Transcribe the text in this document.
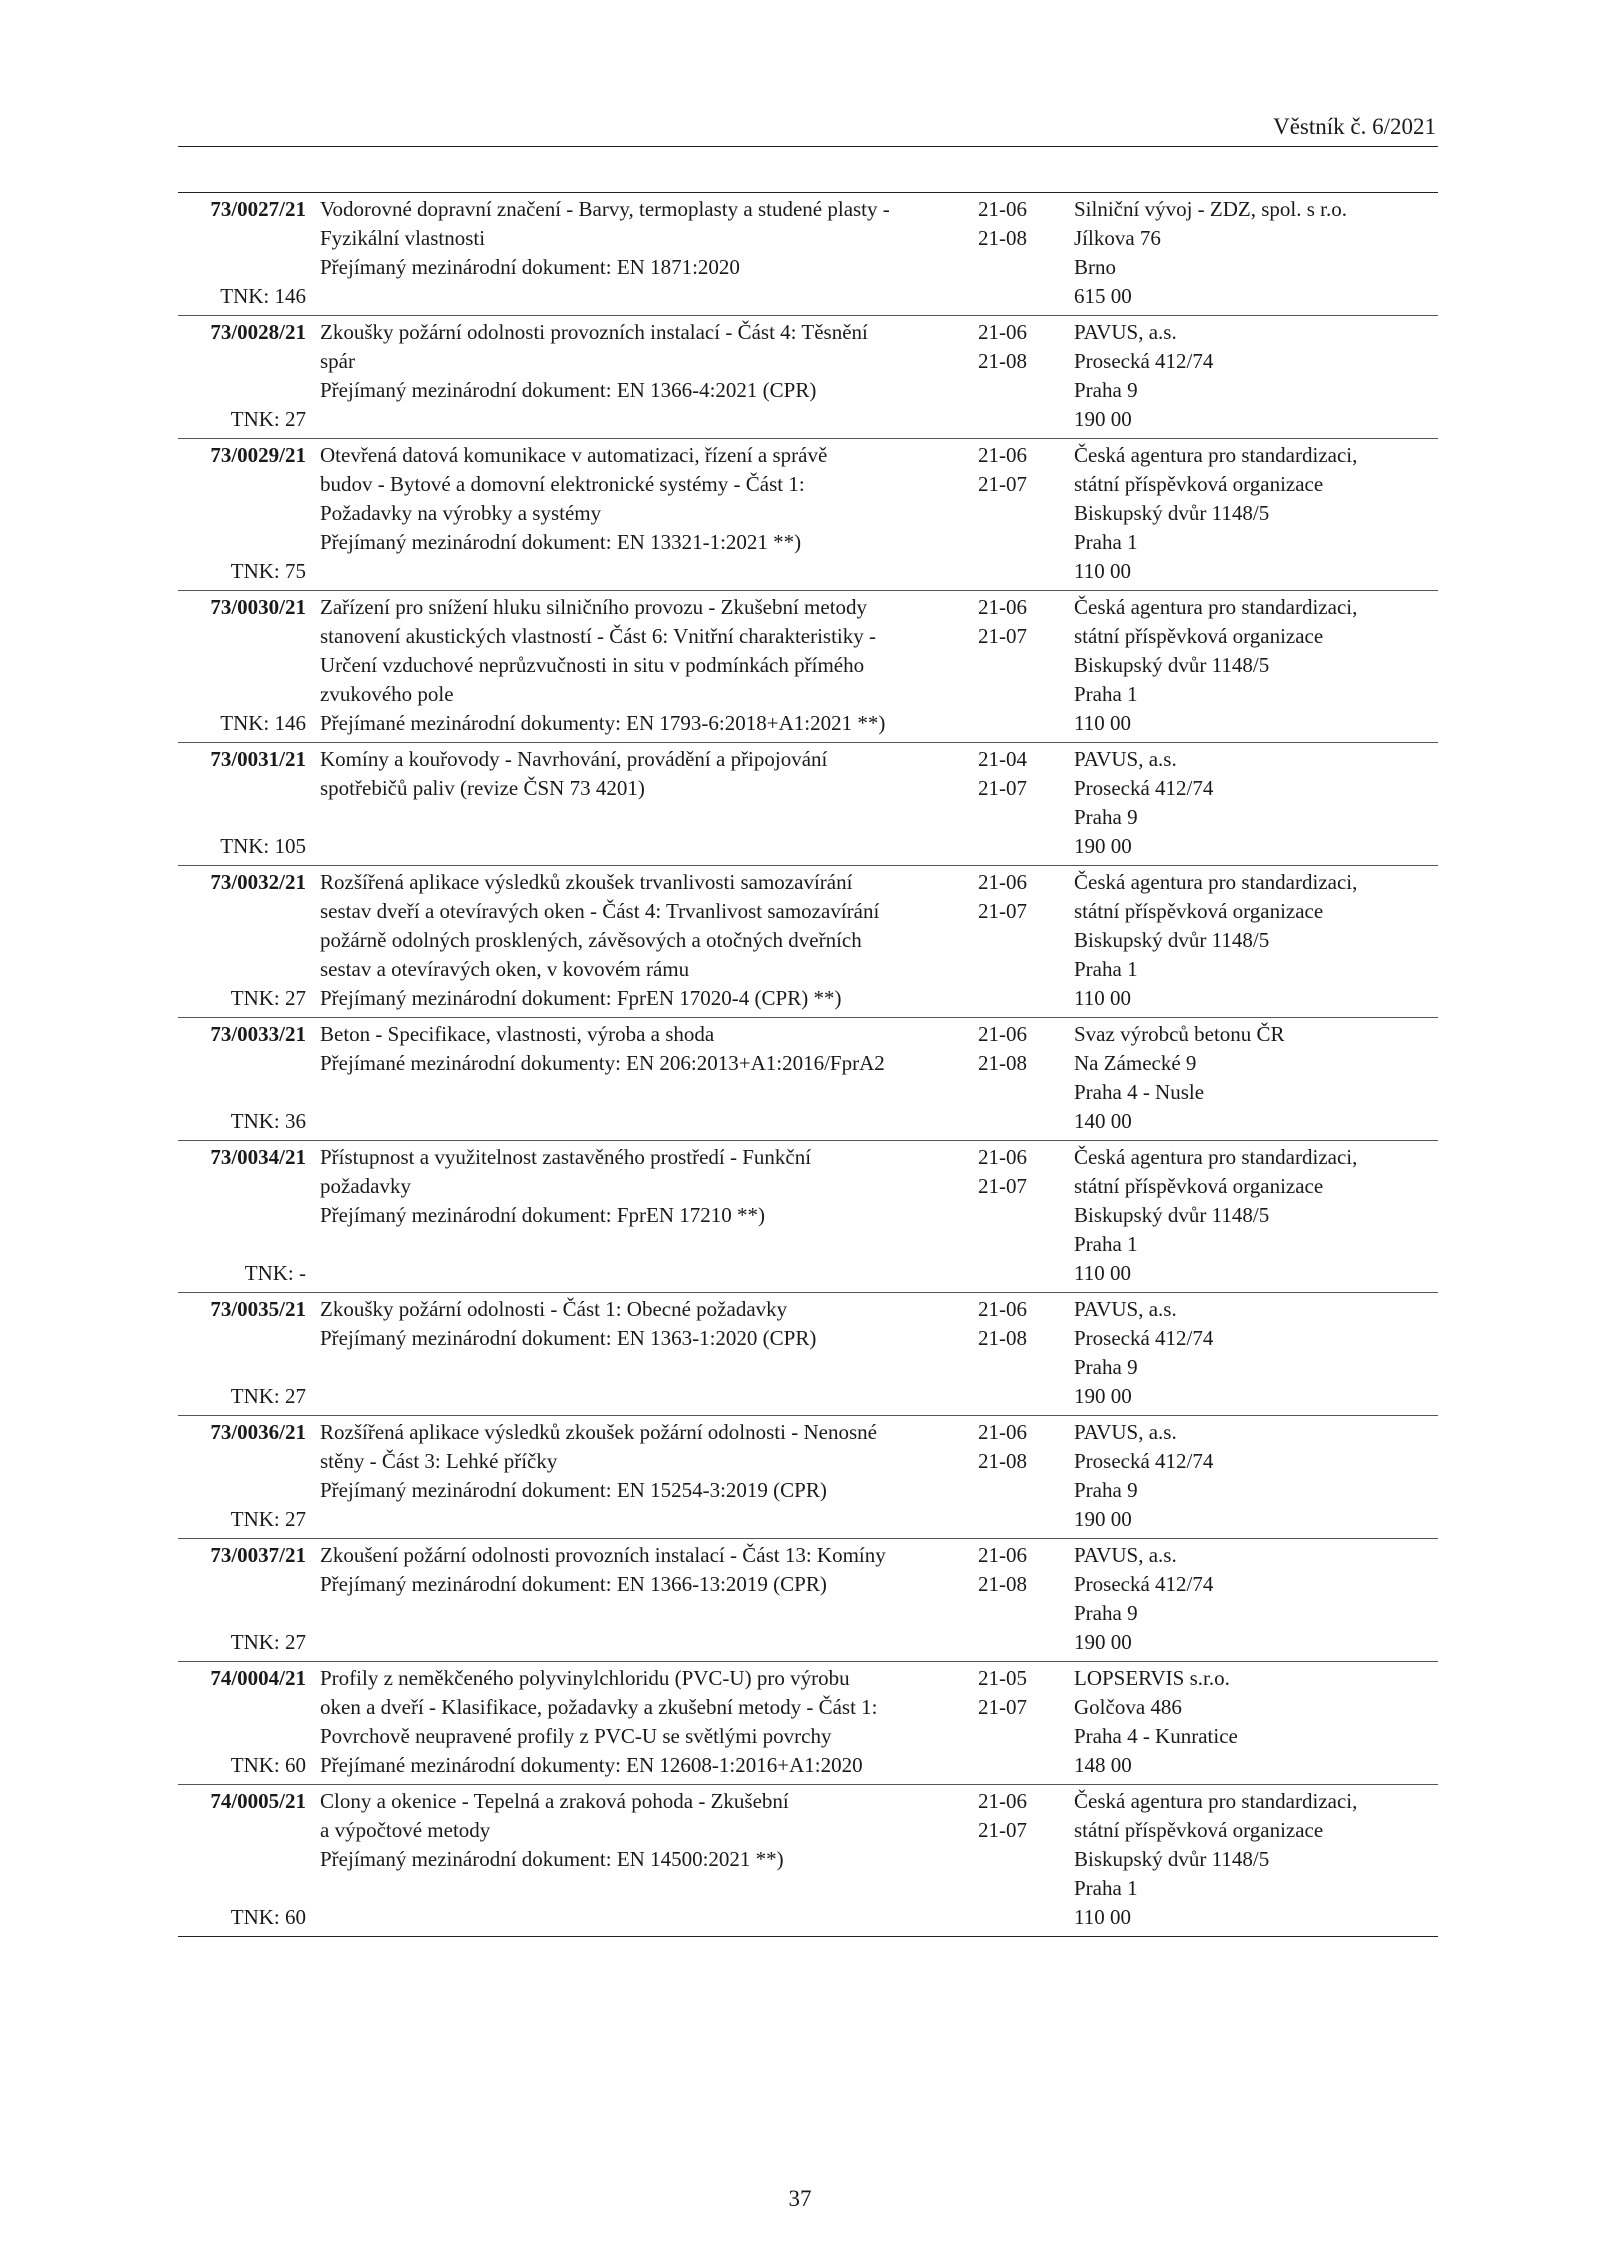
Věstník č. 6/2021
73/0027/21
TNK: 146
Vodorovné dopravní značení - Barvy, termoplasty a studené plasty -
Fyzikální vlastnosti
Přejímaný mezinárodní dokument: EN 1871:2020
21-06
21-08
Silniční vývoj - ZDZ, spol. s r.o.
Jílkova 76
Brno
615 00
73/0028/21
TNK: 27
Zkoušky požární odolnosti provozních instalací - Část 4: Těsnění
spár
Přejímaný mezinárodní dokument: EN 1366-4:2021 (CPR)
21-06
21-08
PAVUS, a.s.
Prosecká 412/74
Praha 9
190 00
73/0029/21
TNK: 75
Otevřená datová komunikace v automatizaci, řízení a správě
budov - Bytové a domovní elektronické systémy - Část 1:
Požadavky na výrobky a systémy
Přejímaný mezinárodní dokument: EN 13321-1:2021 **)
21-06
21-07
Česká agentura pro standardizaci,
státní příspěvková organizace
Biskupský dvůr 1148/5
Praha 1
110 00
73/0030/21
TNK: 146
Zařízení pro snížení hluku silničního provozu - Zkušební metody
stanovení akustických vlastností - Část 6: Vnitřní charakteristiky -
Určení vzduchové neprůzvučnosti in situ v podmínkách přímého
zvukového pole
Přejímané mezinárodní dokumenty: EN 1793-6:2018+A1:2021 **)
21-06
21-07
Česká agentura pro standardizaci,
státní příspěvková organizace
Biskupský dvůr 1148/5
Praha 1
110 00
73/0031/21
TNK: 105
Komíny a kouřovody - Navrhování, provádění a připojování
spotřebičů paliv (revize ČSN 73 4201)
21-04
21-07
PAVUS, a.s.
Prosecká 412/74
Praha 9
190 00
73/0032/21
TNK: 27
Rozšířená aplikace výsledků zkoušek trvanlivosti samozavírání
sestav dveří a otevíravých oken - Část 4: Trvanlivost samozavírání
požárně odolných prosklených, závěsových a otočných dveřních
sestav a otevíravých oken, v kovovém rámu
Přejímaný mezinárodní dokument: FprEN 17020-4 (CPR) **)
21-06
21-07
Česká agentura pro standardizaci,
státní příspěvková organizace
Biskupský dvůr 1148/5
Praha 1
110 00
73/0033/21
TNK: 36
Beton - Specifikace, vlastnosti, výroba a shoda
Přejímané mezinárodní dokumenty: EN 206:2013+A1:2016/FprA2
21-06
21-08
Svaz výrobců betonu ČR
Na Zámecké 9
Praha 4 - Nusle
140 00
73/0034/21
TNK: -
Přístupnost a využitelnost zastavěného prostředí - Funkční
požadavky
Přejímaný mezinárodní dokument: FprEN 17210 **)
21-06
21-07
Česká agentura pro standardizaci,
státní příspěvková organizace
Biskupský dvůr 1148/5
Praha 1
110 00
73/0035/21
TNK: 27
Zkoušky požární odolnosti - Část 1: Obecné požadavky
Přejímaný mezinárodní dokument: EN 1363-1:2020 (CPR)
21-06
21-08
PAVUS, a.s.
Prosecká 412/74
Praha 9
190 00
73/0036/21
TNK: 27
Rozšířená aplikace výsledků zkoušek požární odolnosti - Nenosné
stěny - Část 3: Lehké příčky
Přejímaný mezinárodní dokument: EN 15254-3:2019 (CPR)
21-06
21-08
PAVUS, a.s.
Prosecká 412/74
Praha 9
190 00
73/0037/21
TNK: 27
Zkoušení požární odolnosti provozních instalací - Část 13: Komíny
Přejímaný mezinárodní dokument: EN 1366-13:2019 (CPR)
21-06
21-08
PAVUS, a.s.
Prosecká 412/74
Praha 9
190 00
74/0004/21
TNK: 60
Profily z neměkčeného polyvinylchloridu (PVC-U) pro výrobu
oken a dveří - Klasifikace, požadavky a zkušební metody - Část 1:
Povrchově neupravené profily z PVC-U se světlými povrchy
Přejímané mezinárodní dokumenty: EN 12608-1:2016+A1:2020
21-05
21-07
LOPSERVIS s.r.o.
Golčova 486
Praha 4 - Kunratice
148 00
74/0005/21
TNK: 60
Clony a okenice - Tepelná a zraková pohoda - Zkušební
a výpočtové metody
Přejímaný mezinárodní dokument: EN 14500:2021 **)
21-06
21-07
Česká agentura pro standardizaci,
státní příspěvková organizace
Biskupský dvůr 1148/5
Praha 1
110 00
37
